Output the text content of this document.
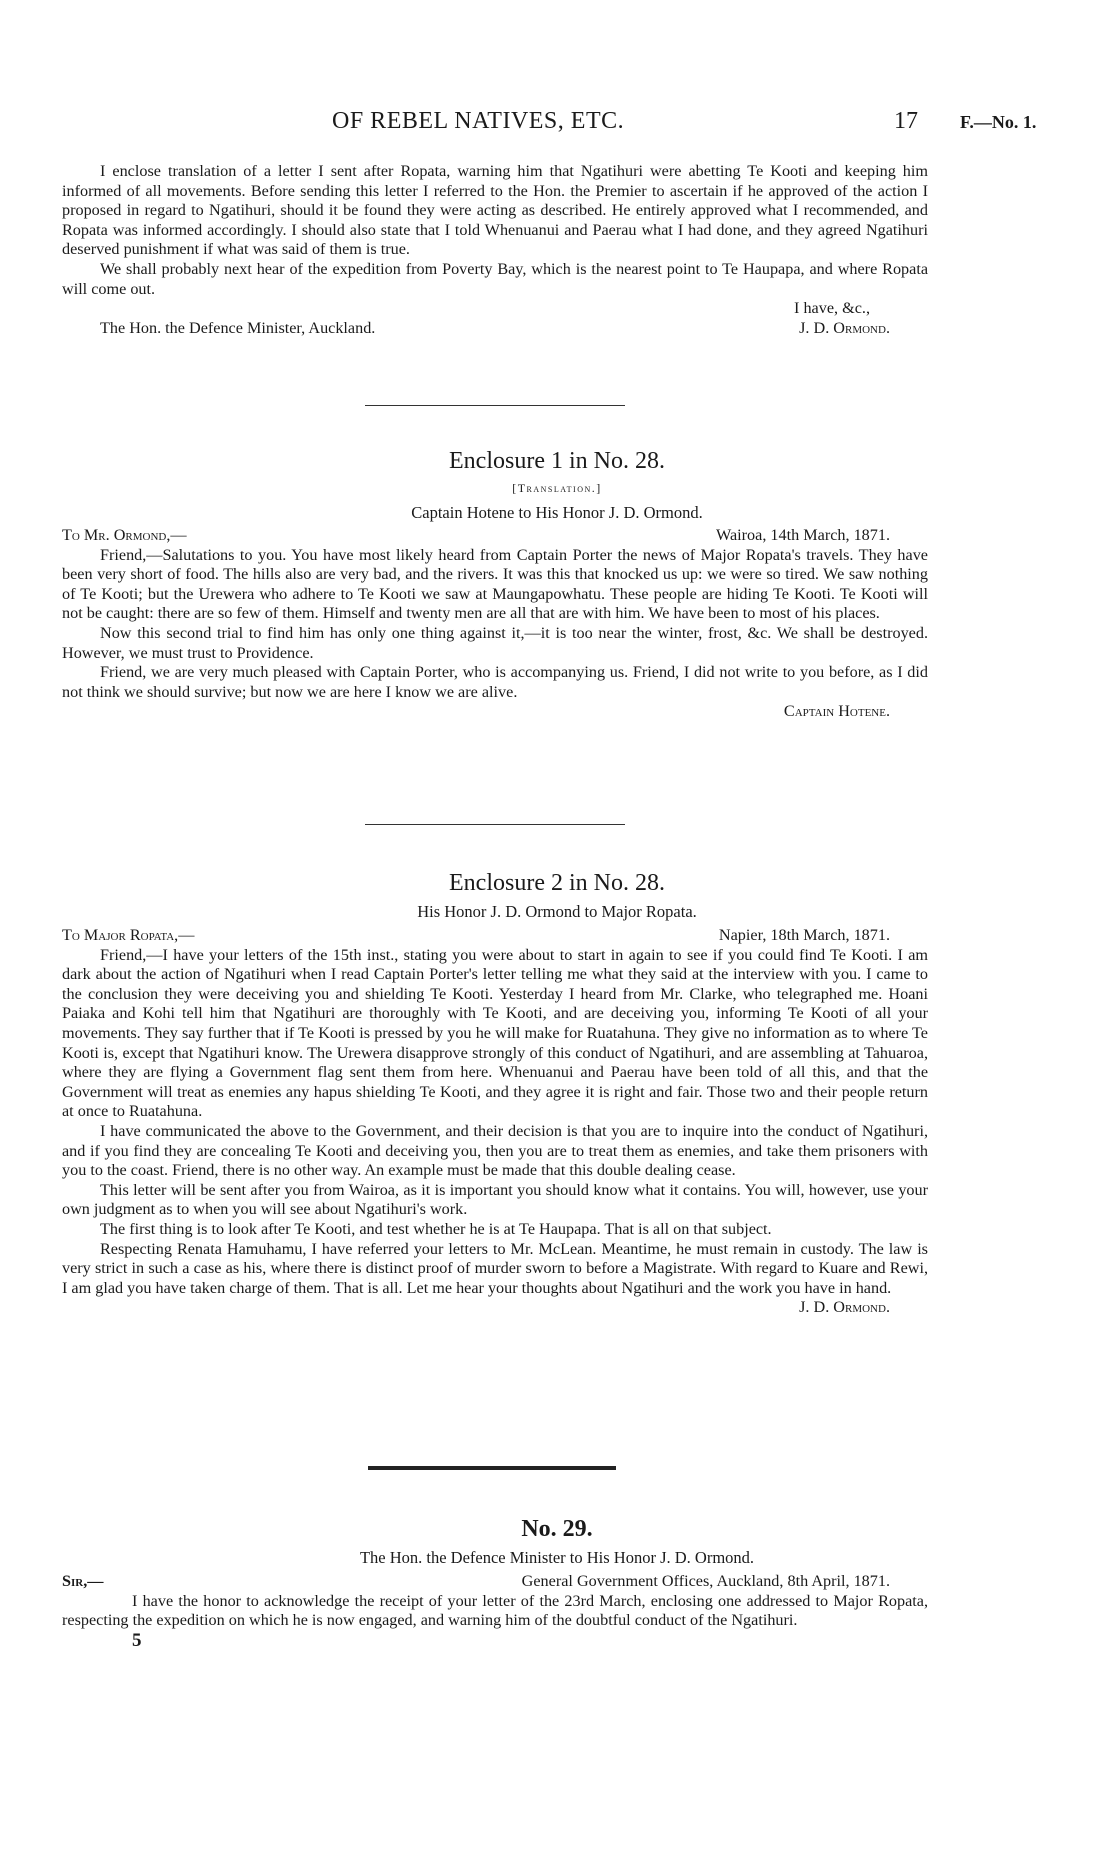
OF REBEL NATIVES, ETC.	17 F.—No. 1.

I enclose translation of a letter I sent after Ropata, warning him that Ngatihuri were abetting Te Kooti and keeping him informed of all movements. Before sending this letter I referred to the Hon. the Premier to ascertain if he approved of the action I proposed in regard to Ngatihuri, should it be found they were acting as described. He entirely approved what I recommended, and Ropata was informed accordingly. I should also state that I told Whenuanui and Paerau what I had done, and they agreed Ngatihuri deserved punishment if what was said of them is true.

We shall probably next hear of the expedition from Poverty Bay, which is the nearest point to Te Haupapa, and where Ropata will come out.

I have, &c.,
The Hon. the Defence Minister, Auckland.	J. D. Ormond.
Enclosure 1 in No. 28.
[Translation.]
Captain Hotene to His Honor J. D. Ormond.
To Mr. Ormond,—	Wairoa, 14th March, 1871.

Friend,—Salutations to you. You have most likely heard from Captain Porter the news of Major Ropata's travels. They have been very short of food. The hills also are very bad, and the rivers. It was this that knocked us up: we were so tired. We saw nothing of Te Kooti; but the Urewera who adhere to Te Kooti we saw at Maungapowhatu. These people are hiding Te Kooti. Te Kooti will not be caught: there are so few of them. Himself and twenty men are all that are with him. We have been to most of his places.

Now this second trial to find him has only one thing against it,—it is too near the winter, frost, &c. We shall be destroyed. However, we must trust to Providence.

Friend, we are very much pleased with Captain Porter, who is accompanying us. Friend, I did not write to you before, as I did not think we should survive; but now we are here I know we are alive.

Captain Hotene.
Enclosure 2 in No. 28.
His Honor J. D. Ormond to Major Ropata.
To Major Ropata,—	Napier, 18th March, 1871.

Friend,—I have your letters of the 15th inst., stating you were about to start in again to see if you could find Te Kooti. I am dark about the action of Ngatihuri when I read Captain Porter's letter telling me what they said at the interview with you. I came to the conclusion they were deceiving you and shielding Te Kooti. Yesterday I heard from Mr. Clarke, who telegraphed me. Hoani Paiaka and Kohi tell him that Ngatihuri are thoroughly with Te Kooti, and are deceiving you, informing Te Kooti of all your movements. They say further that if Te Kooti is pressed by you he will make for Ruatahuna. They give no information as to where Te Kooti is, except that Ngatihuri know. The Urewera disapprove strongly of this conduct of Ngatihuri, and are assembling at Tahuaroa, where they are flying a Government flag sent them from here. Whenuanui and Paerau have been told of all this, and that the Government will treat as enemies any hapus shielding Te Kooti, and they agree it is right and fair. Those two and their people return at once to Ruatahuna.

I have communicated the above to the Government, and their decision is that you are to inquire into the conduct of Ngatihuri, and if you find they are concealing Te Kooti and deceiving you, then you are to treat them as enemies, and take them prisoners with you to the coast. Friend, there is no other way. An example must be made that this double dealing cease.

This letter will be sent after you from Wairoa, as it is important you should know what it contains. You will, however, use your own judgment as to when you will see about Ngatihuri's work.

The first thing is to look after Te Kooti, and test whether he is at Te Haupapa. That is all on that subject.

Respecting Renata Hamuhamu, I have referred your letters to Mr. McLean. Meantime, he must remain in custody. The law is very strict in such a case as his, where there is distinct proof of murder sworn to before a Magistrate. With regard to Kuare and Rewi, I am glad you have taken charge of them. That is all. Let me hear your thoughts about Ngatihuri and the work you have in hand.

J. D. Ormond.
No. 29.
The Hon. the Defence Minister to His Honor J. D. Ormond.
Sir,—	General Government Offices, Auckland, 8th April, 1871.

I have the honor to acknowledge the receipt of your letter of the 23rd March, enclosing one addressed to Major Ropata, respecting the expedition on which he is now engaged, and warning him of the doubtful conduct of the Ngatihuri.

5
